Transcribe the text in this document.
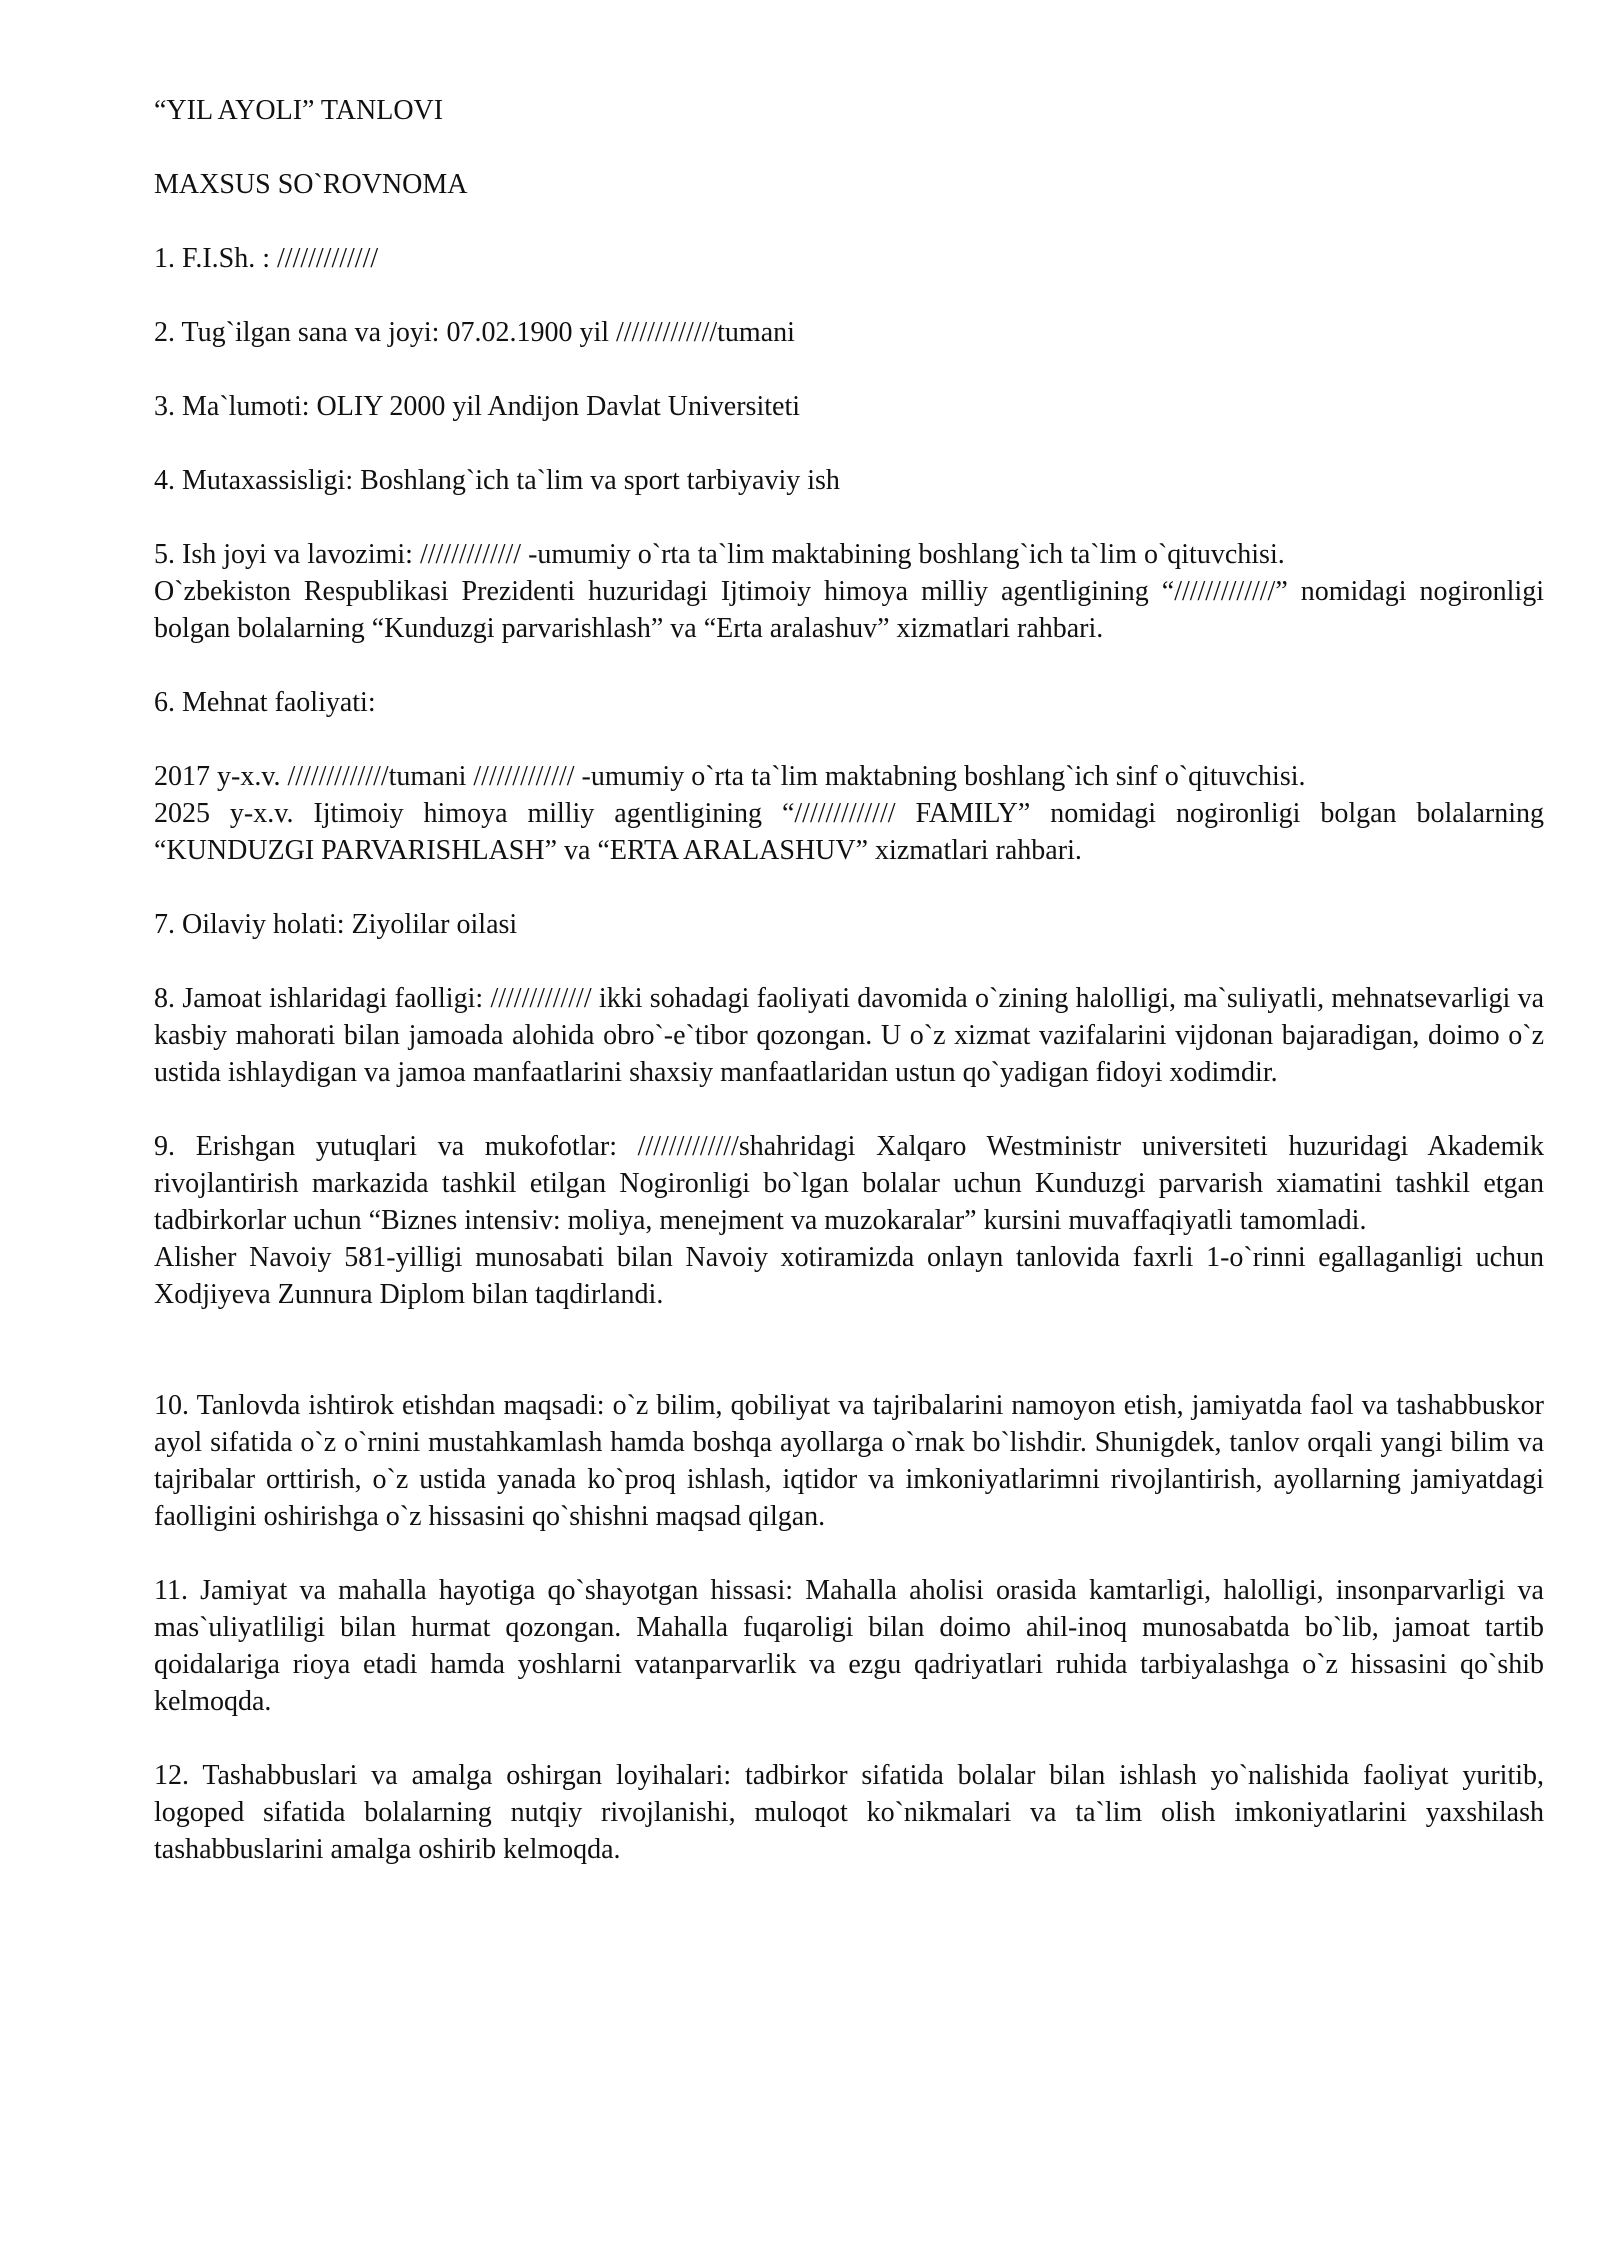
“YIL AYOLI” TANLOVI

MAXSUS SO`ROVNOMA

1. F.I.Sh. : /////////////

2. Tug`ilgan sana va joyi: 07.02.1900 yil /////////////tumani

3. Ma`lumoti: OLIY 2000 yil Andijon Davlat Universiteti

4. Mutaxassisligi: Boshlang`ich ta`lim va sport tarbiyaviy ish

5. Ish joyi va lavozimi: ///////////// -umumiy o`rta ta`lim maktabining boshlang`ich ta`lim o`qituvchisi.

O`zbekiston Respublikasi Prezidenti huzuridagi Ijtimoiy himoya milliy agentligining “/////////////” nomidagi nogironligi bolgan bolalarning “Kunduzgi parvarishlash” va “Erta aralashuv” xizmatlari rahbari.

6. Mehnat faoliyati:

2017 y-x.v. /////////////tumani ///////////// -umumiy o`rta ta`lim maktabning boshlang`ich sinf o`qituvchisi.

2025 y-x.v. Ijtimoiy himoya milliy agentligining “///////////// FAMILY” nomidagi nogironligi bolgan bolalarning “KUNDUZGI PARVARISHLASH” va “ERTA ARALASHUV” xizmatlari rahbari.

7. Oilaviy holati: Ziyolilar oilasi

8. Jamoat ishlaridagi faolligi: ///////////// ikki sohadagi faoliyati davomida o`zining halolligi, ma`suliyatli, mehnatsevarligi va kasbiy mahorati bilan jamoada alohida obro`-e`tibor qozongan. U o`z xizmat vazifalarini vijdonan bajaradigan, doimo o`z ustida ishlaydigan va jamoa manfaatlarini shaxsiy manfaatlaridan ustun qo`yadigan fidoyi xodimdir.

9. Erishgan yutuqlari va mukofotlar: /////////////shahridagi Xalqaro Westministr universiteti huzuridagi Akademik rivojlantirish markazida tashkil etilgan Nogironligi bo`lgan bolalar uchun Kunduzgi parvarish xiamatini tashkil etgan tadbirkorlar uchun “Biznes intensiv: moliya, menejment va muzokaralar” kursini muvaffaqiyatli tamomladi.

Alisher Navoiy 581-yilligi munosabati bilan Navoiy xotiramizda onlayn tanlovida faxrli 1-o`rinni egallaganligi uchun Xodjiyeva Zunnura Diplom bilan taqdirlandi.

10. Tanlovda ishtirok etishdan maqsadi: o`z bilim, qobiliyat va tajribalarini namoyon etish, jamiyatda faol va tashabbuskor ayol sifatida o`z o`rnini mustahkamlash hamda boshqa ayollarga o`rnak bo`lishdir. Shunigdek, tanlov orqali yangi bilim va tajribalar orttirish, o`z ustida yanada ko`proq ishlash, iqtidor va imkoniyatlarimni rivojlantirish, ayollarning jamiyatdagi faolligini oshirishga o`z hissasini qo`shishni maqsad qilgan.

11. Jamiyat va mahalla hayotiga qo`shayotgan hissasi: Mahalla aholisi orasida kamtarligi, halolligi, insonparvarligi va mas`uliyatliligi bilan hurmat qozongan. Mahalla fuqaroligi bilan doimo ahil-inoq munosabatda bo`lib, jamoat tartib qoidalariga rioya etadi hamda yoshlarni vatanparvarlik va ezgu qadriyatlari ruhida tarbiyalashga o`z hissasini qo`shib kelmoqda.

12. Tashabbuslari va amalga oshirgan loyihalari: tadbirkor sifatida bolalar bilan ishlash yo`nalishida faoliyat yuritib, logoped sifatida bolalarning nutqiy rivojlanishi, muloqot ko`nikmalari va ta`lim olish imkoniyatlarini yaxshilash tashabbuslarini amalga oshirib kelmoqda.
